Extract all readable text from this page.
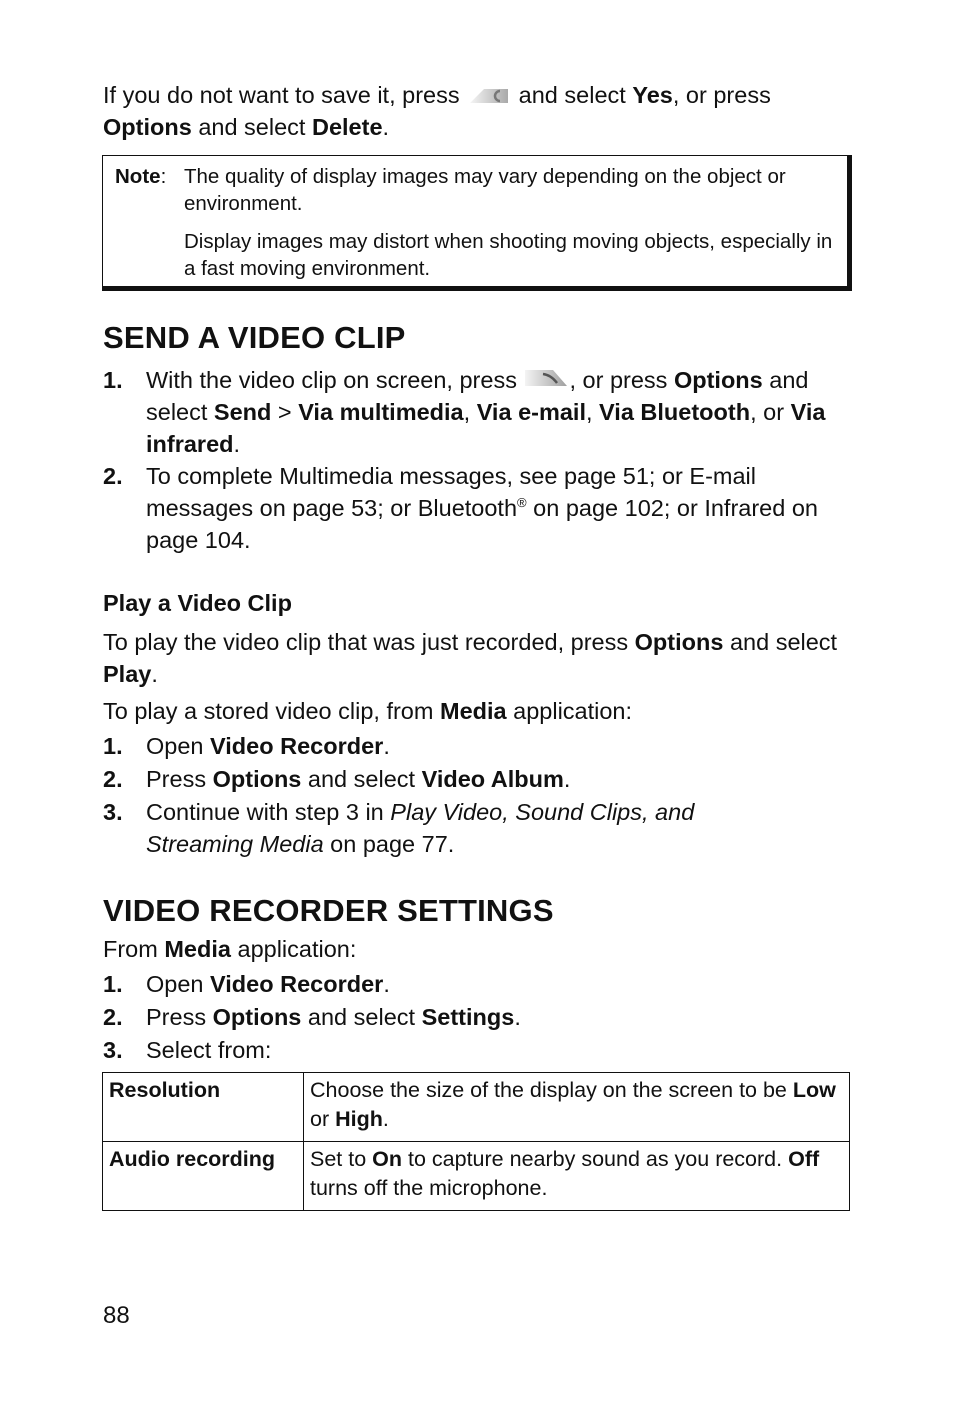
If you do not want to save it, press	and select Yes, or press Options and select Delete.
Note: The quality of display images may vary depending on the object or environment.
Display images may distort when shooting moving objects, especially in a fast moving environment.
SEND A VIDEO CLIP
1. With the video clip on screen, press , or press Options and select Send > Via multimedia, Via e-mail, Via Bluetooth, or Via infrared.
2. To complete Multimedia messages, see page 51; or E-mail messages on page 53; or Bluetooth® on page 102; or Infrared on page 104.
Play a Video Clip
To play the video clip that was just recorded, press Options and select Play.
To play a stored video clip, from Media application:
1. Open Video Recorder.
2. Press Options and select Video Album.
3. Continue with step 3 in Play Video, Sound Clips, and Streaming Media on page 77.
VIDEO RECORDER SETTINGS
From Media application:
1. Open Video Recorder.
2. Press Options and select Settings.
3. Select from:
Resolution	Choose the size of the display on the screen to be Low or High.
Audio recording	Set to On to capture nearby sound as you record. Off turns off the microphone.
88
